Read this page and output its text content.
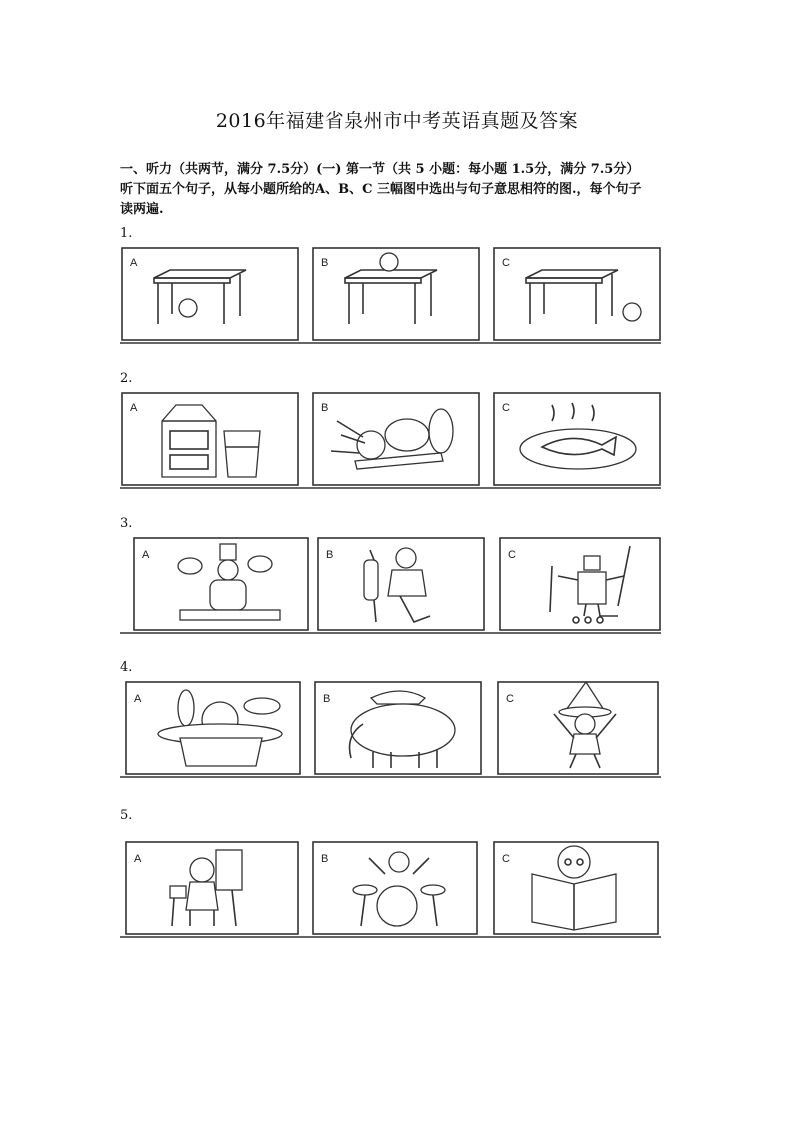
2016年福建省泉州市中考英语真题及答案
一、听力（共两节，满分 7.5分）(一) 第一节（共 5 小题：每小题 1.5分，满分 7.5分）
听下面五个句子，从每小题所给的A、B、C 三幅图中选出与句子意思相符的图.，每个句子
读两遍.
1.
A	B	C
2.
A	B	C
3.
A	B	C
4.
A	B	C
5.
A	B	C
